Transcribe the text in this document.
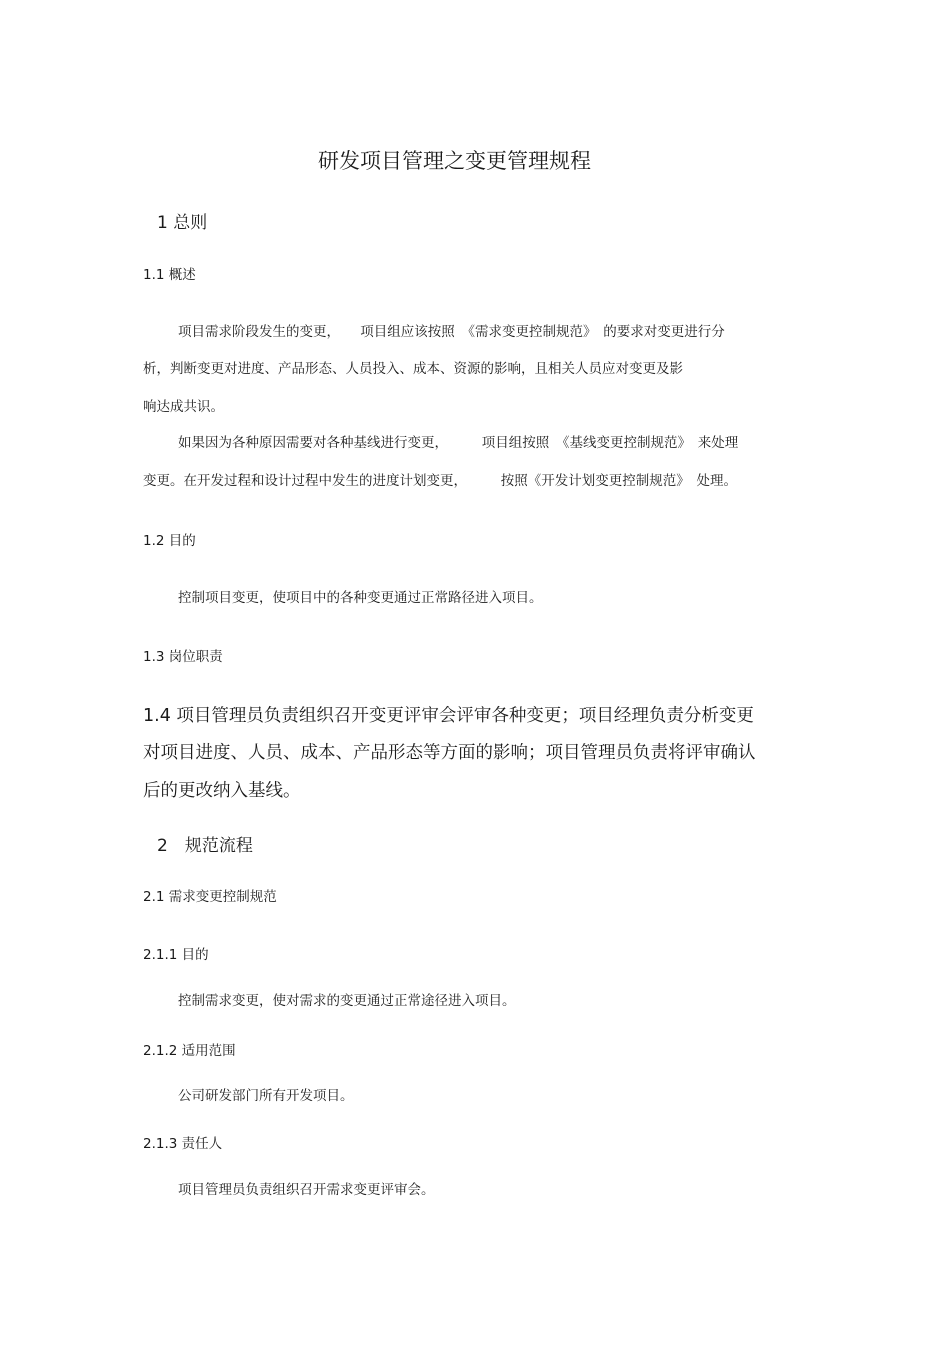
研发项目管理之变更管理规程
1 总则
1.1 概述
项目需求阶段发生的变更，　　项目组应该按照　《需求变更控制规范》　的要求对变更进行分
析，判断变更对进度、产品形态、人员投入、成本、资源的影响，且相关人员应对变更及影
响达成共识。
如果因为各种原因需要对各种基线进行变更，　　　项目组按照　《基线变更控制规范》　来处理
变更。在开发过程和设计过程中发生的进度计划变更，　　　按照《开发计划变更控制规范》　处理。
1.2 目的
控制项目变更，使项目中的各种变更通过正常路径进入项目。
1.3 岗位职责
1.4 项目管理员负责组织召开变更评审会评审各种变更；项目经理负责分析变更
对项目进度、人员、成本、产品形态等方面的影响；项目管理员负责将评审确认
后的更改纳入基线。
2　规范流程
2.1 需求变更控制规范
2.1.1 目的
控制需求变更，使对需求的变更通过正常途径进入项目。
2.1.2 适用范围
公司研发部门所有开发项目。
2.1.3 责任人
项目管理员负责组织召开需求变更评审会。
